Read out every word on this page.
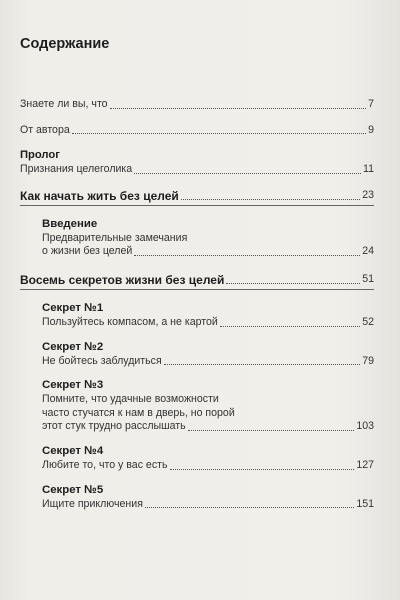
Содержание
Знаете ли вы, что	7
От автора	9
Пролог
Признания целеголика	11
Как начать жить без целей	23
Введение
Предварительные замечания
о жизни без целей	24
Восемь секретов жизни без целей	51
Секрет №1
Пользуйтесь компасом, а не картой	52
Секрет №2
Не бойтесь заблудиться	79
Секрет №3
Помните, что удачные возможности
часто стучатся к нам в дверь, но порой
этот стук трудно расслышать	103
Секрет №4
Любите то, что у вас есть	127
Секрет №5
Ищите приключения	151
